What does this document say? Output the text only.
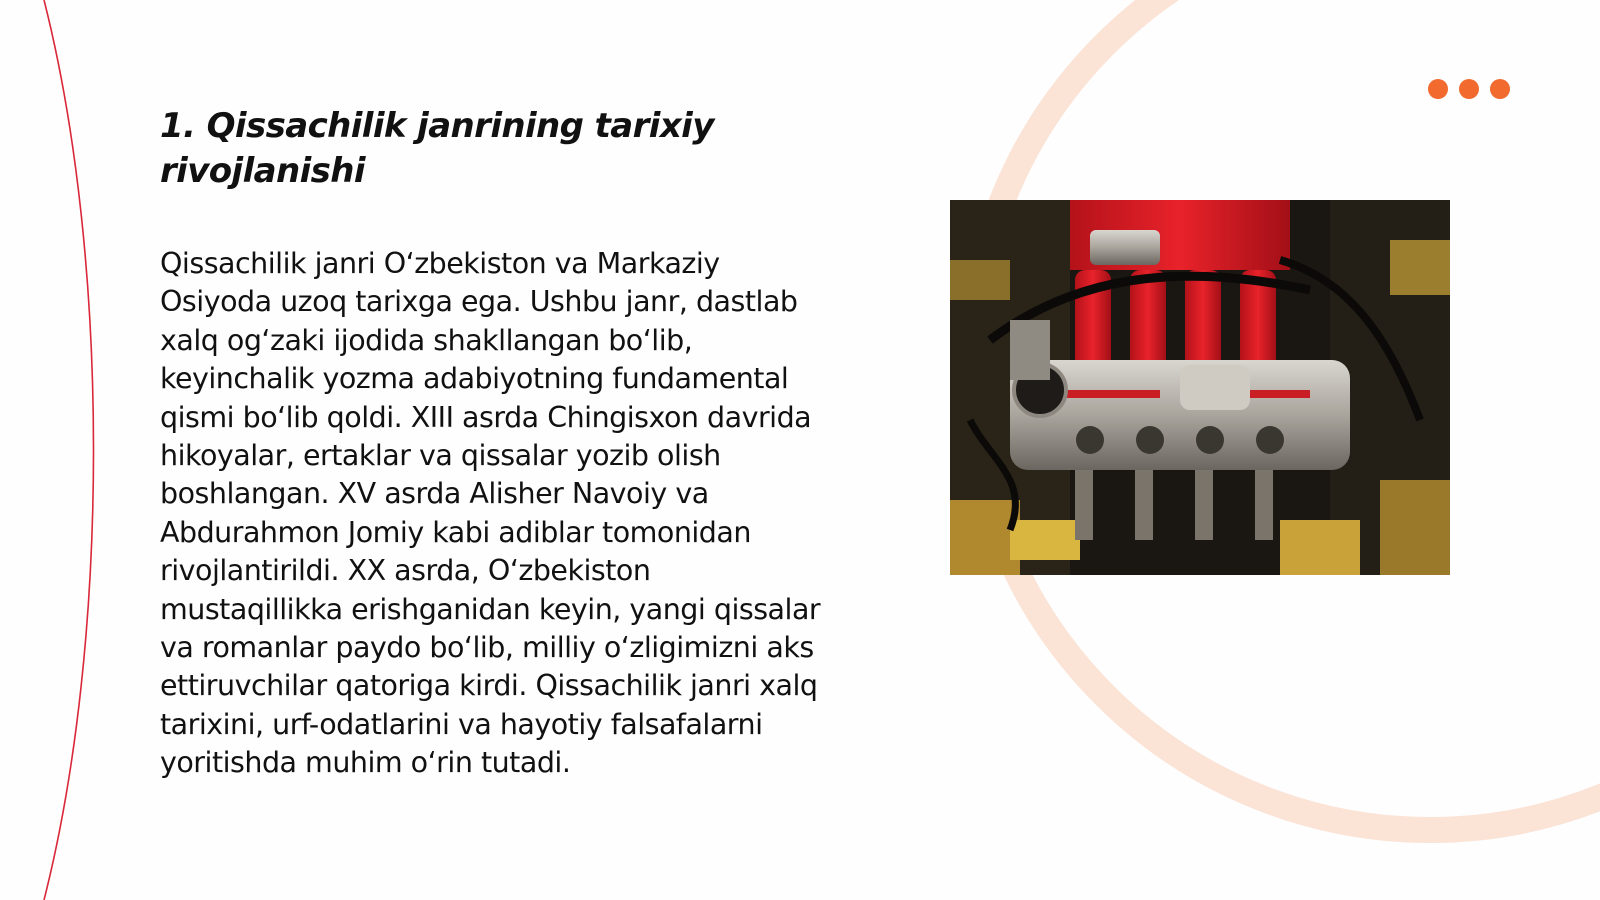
1. Qissachilik janrining tarixiy rivojlanishi

Qissachilik janri O‘zbekiston va Markaziy Osiyoda uzoq tarixga ega. Ushbu janr, dastlab xalq og‘zaki ijodida shakllangan bo‘lib, keyinchalik yozma adabiyotning fundamental qismi bo‘lib qoldi. XIII asrda Chingisxon davrida hikoyalar, ertaklar va qissalar yozib olish boshlangan. XV asrda Alisher Navoiy va Abdurahmon Jomiy kabi adiblar tomonidan rivojlantirildi. XX asrda, O‘zbekiston mustaqillikka erishganidan keyin, yangi qissalar va romanlar paydo bo‘lib, milliy o‘zligimizni aks ettiruvchilar qatoriga kirdi. Qissachilik janri xalq tarixini, urf-odatlarini va hayotiy falsafalarni yoritishda muhim o‘rin tutadi.
